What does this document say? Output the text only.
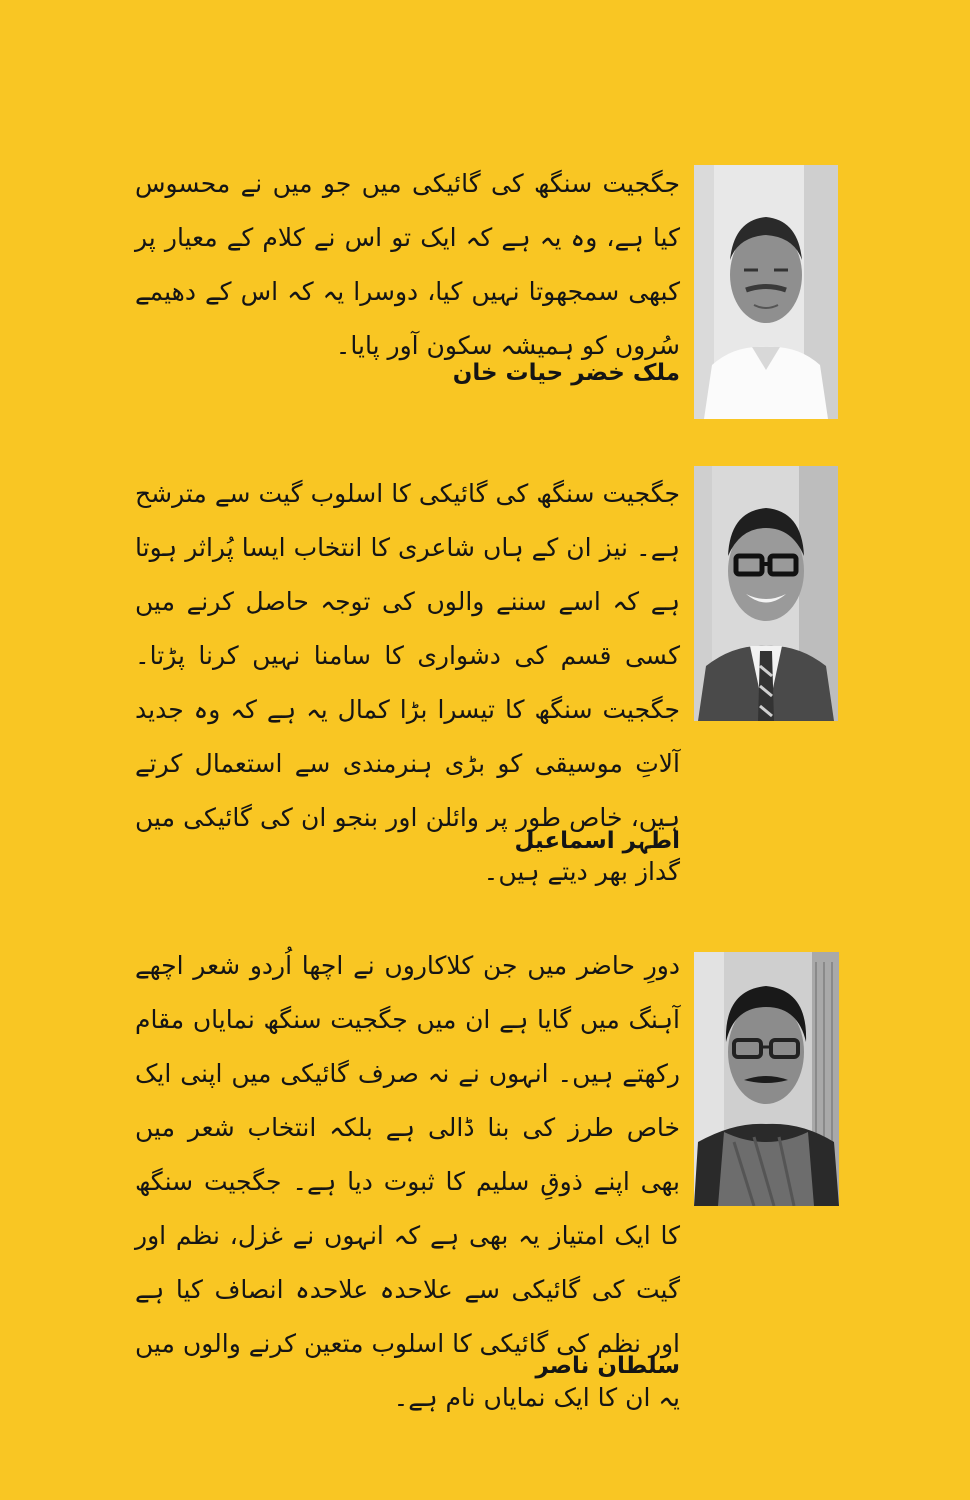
جگجیت سنگھ کی گائیکی میں جو میں نے محسوس کیا ہے، وہ یہ ہے کہ ایک تو اس نے کلام کے معیار پر کبھی سمجھوتا نہیں کیا، دوسرا یہ کہ اس کے دھیمے سُروں کو ہمیشہ سکون آور پایا۔

ملک خضر حیات خان

جگجیت سنگھ کی گائیکی کا اسلوب گیت سے مترشح ہے۔ نیز ان کے ہاں شاعری کا انتخاب ایسا پُراثر ہوتا ہے کہ اسے سننے والوں کی توجہ حاصل کرنے میں کسی قسم کی دشواری کا سامنا نہیں کرنا پڑتا۔ جگجیت سنگھ کا تیسرا بڑا کمال یہ ہے کہ وہ جدید آلاتِ موسیقی کو بڑی ہنرمندی سے استعمال کرتے ہیں، خاص طور پر وائلن اور بنجو ان کی گائیکی میں گداز بھر دیتے ہیں۔

اطہر اسماعیل

دورِ حاضر میں جن کلاکاروں نے اچھا اُردو شعر اچھے آہنگ میں گایا ہے ان میں جگجیت سنگھ نمایاں مقام رکھتے ہیں۔ انہوں نے نہ صرف گائیکی میں اپنی ایک خاص طرز کی بنا ڈالی ہے بلکہ انتخاب شعر میں بھی اپنے ذوقِ سلیم کا ثبوت دیا ہے۔ جگجیت سنگھ کا ایک امتیاز یہ بھی ہے کہ انہوں نے غزل، نظم اور گیت کی گائیکی سے علاحدہ علاحدہ انصاف کیا ہے اور نظم کی گائیکی کا اسلوب متعین کرنے والوں میں یہ ان کا ایک نمایاں نام ہے۔

سلطان ناصر
